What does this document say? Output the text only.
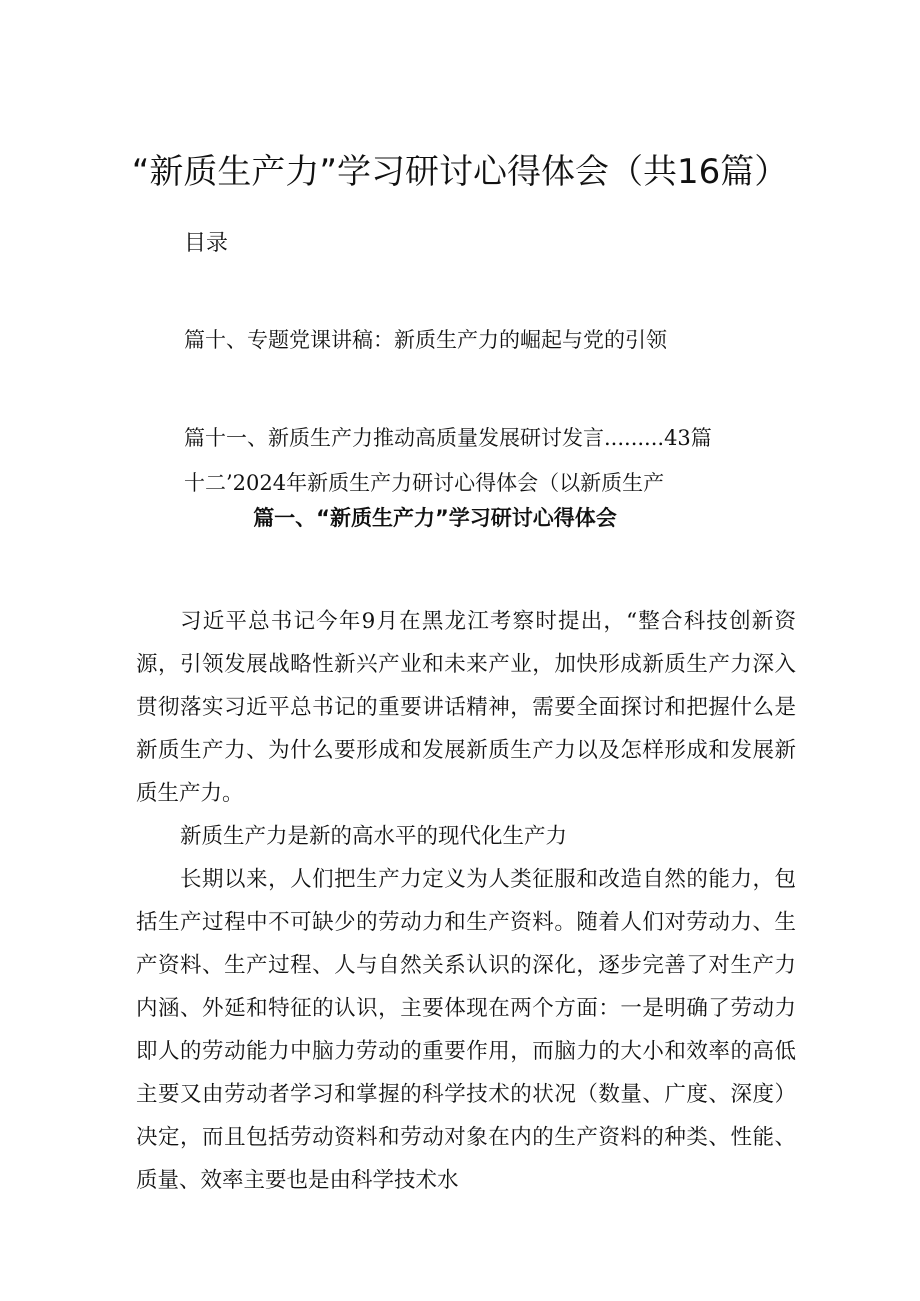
“新质生产力”学习研讨心得体会（共16篇）
目录
篇十、专题党课讲稿：新质生产力的崛起与党的引领
篇十一、新质生产力推动高质量发展研讨发言.........43篇
十二’2024年新质生产力研讨心得体会（以新质生产
篇一、“新质生产力”学习研讨心得体会

习近平总书记今年9月在黑龙江考察时提出，“整合科技创新资源，引领发展战略性新兴产业和未来产业，加快形成新质生产力深入贯彻落实习近平总书记的重要讲话精神，需要全面探讨和把握什么是新质生产力、为什么要形成和发展新质生产力以及怎样形成和发展新质生产力。

新质生产力是新的高水平的现代化生产力

长期以来，人们把生产力定义为人类征服和改造自然的能力，包括生产过程中不可缺少的劳动力和生产资料。随着人们对劳动力、生产资料、生产过程、人与自然关系认识的深化，逐步完善了对生产力内涵、外延和特征的认识，主要体现在两个方面：一是明确了劳动力即人的劳动能力中脑力劳动的重要作用，而脑力的大小和效率的高低主要又由劳动者学习和掌握的科学技术的状况（数量、广度、深度）决定，而且包括劳动资料和劳动对象在内的生产资料的种类、性能、质量、效率主要也是由科学技术水
